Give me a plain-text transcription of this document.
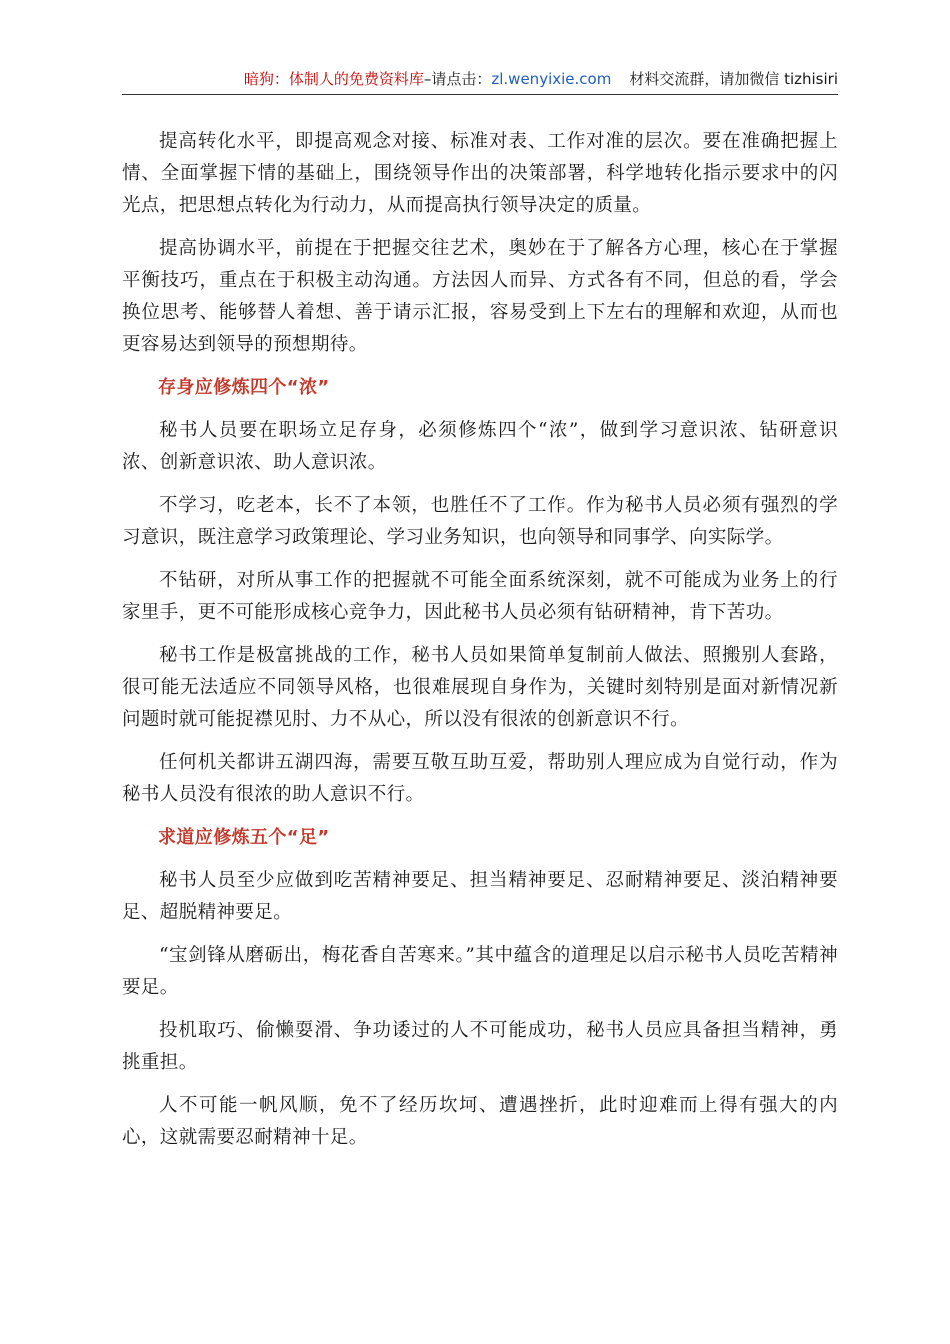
暗狗：体制人的免费资料库–请点击：zl.wenyixie.com 材料交流群，请加微信 tizhisiri

提高转化水平，即提高观念对接、标准对表、工作对准的层次。要在准确把握上情、全面掌握下情的基础上，围绕领导作出的决策部署，科学地转化指示要求中的闪光点，把思想点转化为行动力，从而提高执行领导决定的质量。

提高协调水平，前提在于把握交往艺术，奥妙在于了解各方心理，核心在于掌握平衡技巧，重点在于积极主动沟通。方法因人而异、方式各有不同，但总的看，学会换位思考、能够替人着想、善于请示汇报，容易受到上下左右的理解和欢迎，从而也更容易达到领导的预想期待。

存身应修炼四个“浓”

秘书人员要在职场立足存身，必须修炼四个“浓”，做到学习意识浓、钻研意识浓、创新意识浓、助人意识浓。

不学习，吃老本，长不了本领，也胜任不了工作。作为秘书人员必须有强烈的学习意识，既注意学习政策理论、学习业务知识，也向领导和同事学、向实际学。

不钻研，对所从事工作的把握就不可能全面系统深刻，就不可能成为业务上的行家里手，更不可能形成核心竞争力，因此秘书人员必须有钻研精神，肯下苦功。

秘书工作是极富挑战的工作，秘书人员如果简单复制前人做法、照搬别人套路，很可能无法适应不同领导风格，也很难展现自身作为，关键时刻特别是面对新情况新问题时就可能捉襟见肘、力不从心，所以没有很浓的创新意识不行。

任何机关都讲五湖四海，需要互敬互助互爱，帮助别人理应成为自觉行动，作为秘书人员没有很浓的助人意识不行。

求道应修炼五个“足”

秘书人员至少应做到吃苦精神要足、担当精神要足、忍耐精神要足、淡泊精神要足、超脱精神要足。

“宝剑锋从磨砺出，梅花香自苦寒来。”其中蕴含的道理足以启示秘书人员吃苦精神要足。

投机取巧、偷懒耍滑、争功诿过的人不可能成功，秘书人员应具备担当精神，勇挑重担。

人不可能一帆风顺，免不了经历坎坷、遭遇挫折，此时迎难而上得有强大的内心，这就需要忍耐精神十足。
